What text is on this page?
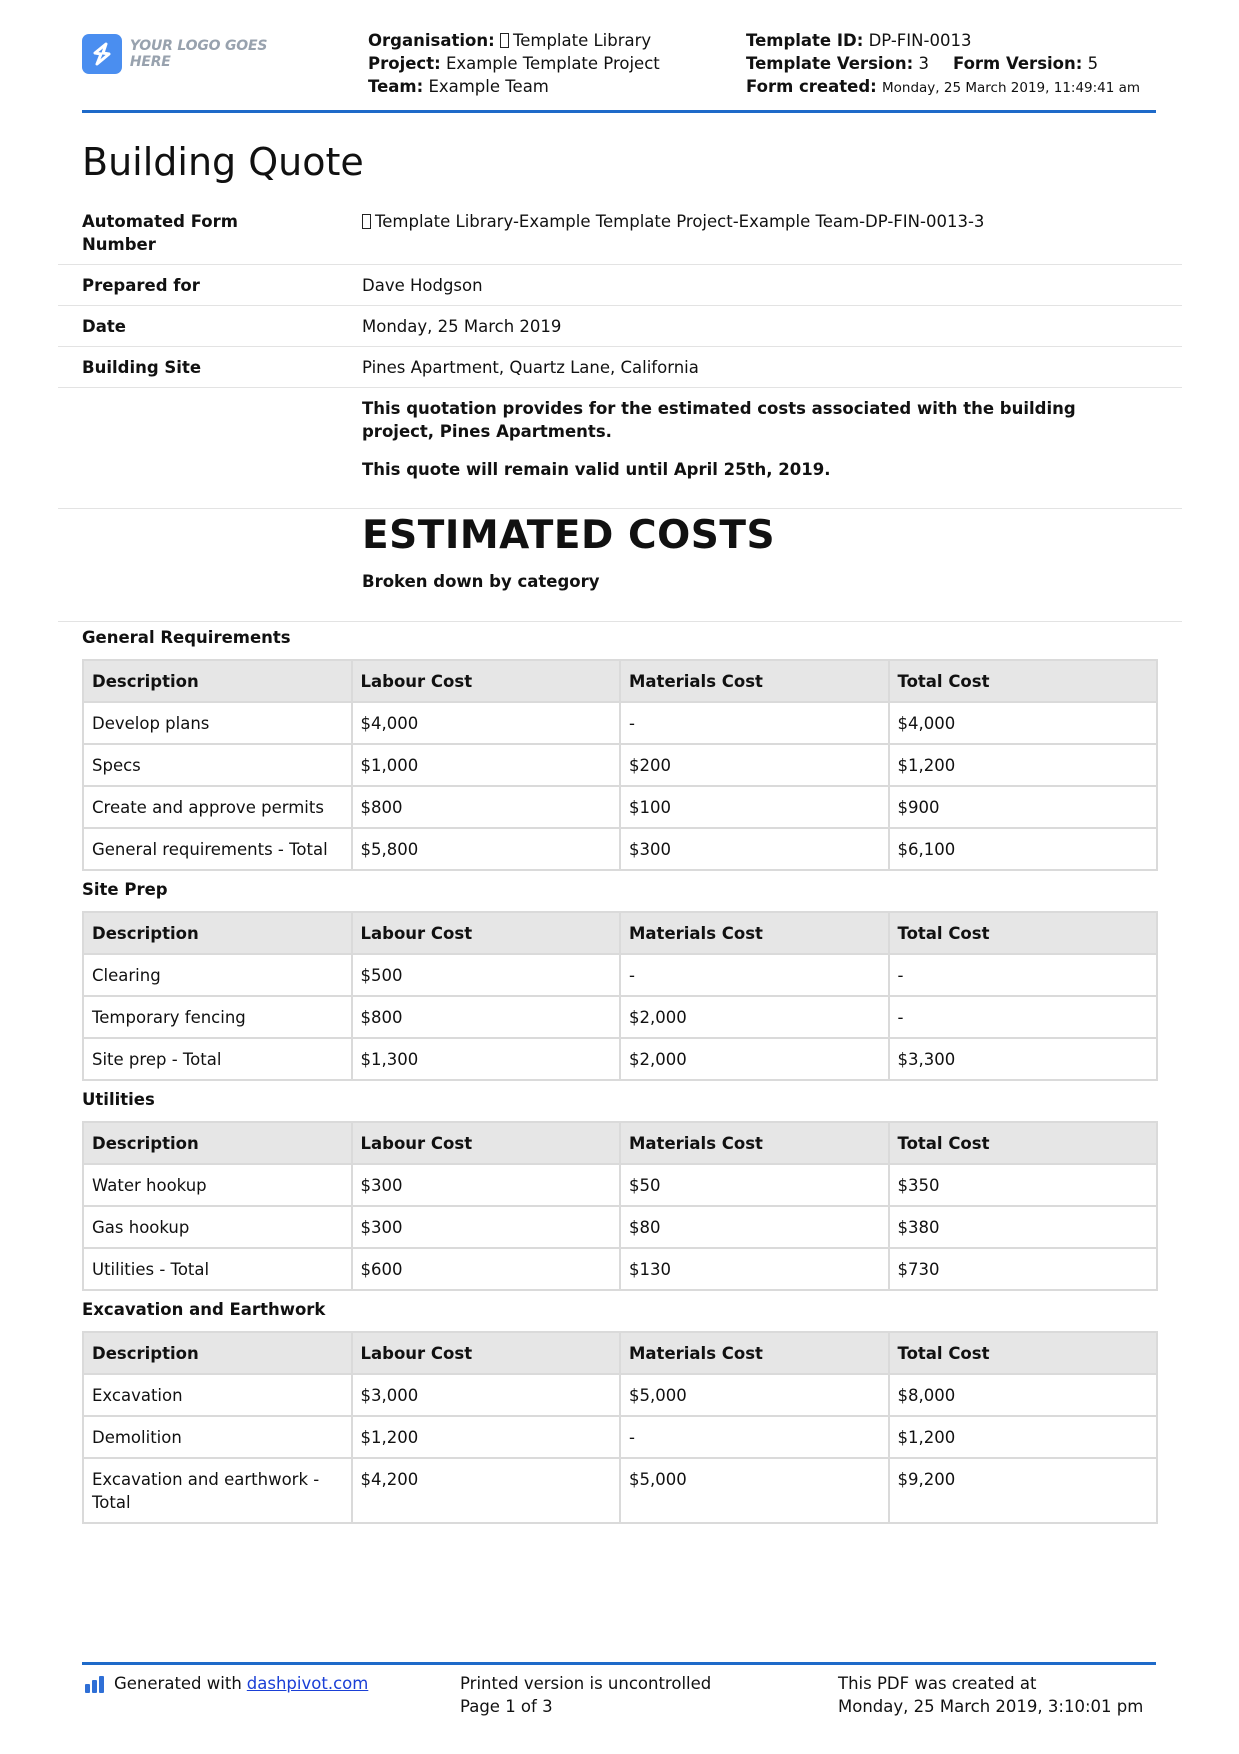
YOUR LOGO GOES HERE
Organisation: Template Library
Project: Example Template Project
Team: Example Team
Template ID: DP-FIN-0013
Template Version: 3 Form Version: 5
Form created: Monday, 25 March 2019, 11:49:41 am
Building Quote
Automated Form Number
Template Library-Example Template Project-Example Team-DP-FIN-0013-3
Prepared for	Dave Hodgson
Date	Monday, 25 March 2019
Building Site	Pines Apartment, Quartz Lane, California
This quotation provides for the estimated costs associated with the building project, Pines Apartments.
This quote will remain valid until April 25th, 2019.
ESTIMATED COSTS
Broken down by category
General Requirements
Description	Labour Cost	Materials Cost	Total Cost
Develop plans	$4,000	-	$4,000
Specs	$1,000	$200	$1,200
Create and approve permits	$800	$100	$900
General requirements - Total	$5,800	$300	$6,100
Site Prep
Description	Labour Cost	Materials Cost	Total Cost
Clearing	$500	-	-
Temporary fencing	$800	$2,000	-
Site prep - Total	$1,300	$2,000	$3,300
Utilities
Description	Labour Cost	Materials Cost	Total Cost
Water hookup	$300	$50	$350
Gas hookup	$300	$80	$380
Utilities - Total	$600	$130	$730
Excavation and Earthwork
Description	Labour Cost	Materials Cost	Total Cost
Excavation	$3,000	$5,000	$8,000
Demolition	$1,200	-	$1,200
Excavation and earthwork - Total	$4,200	$5,000	$9,200
Generated with dashpivot.com	Printed version is uncontrolled
Page 1 of 3
This PDF was created at
Monday, 25 March 2019, 3:10:01 pm
